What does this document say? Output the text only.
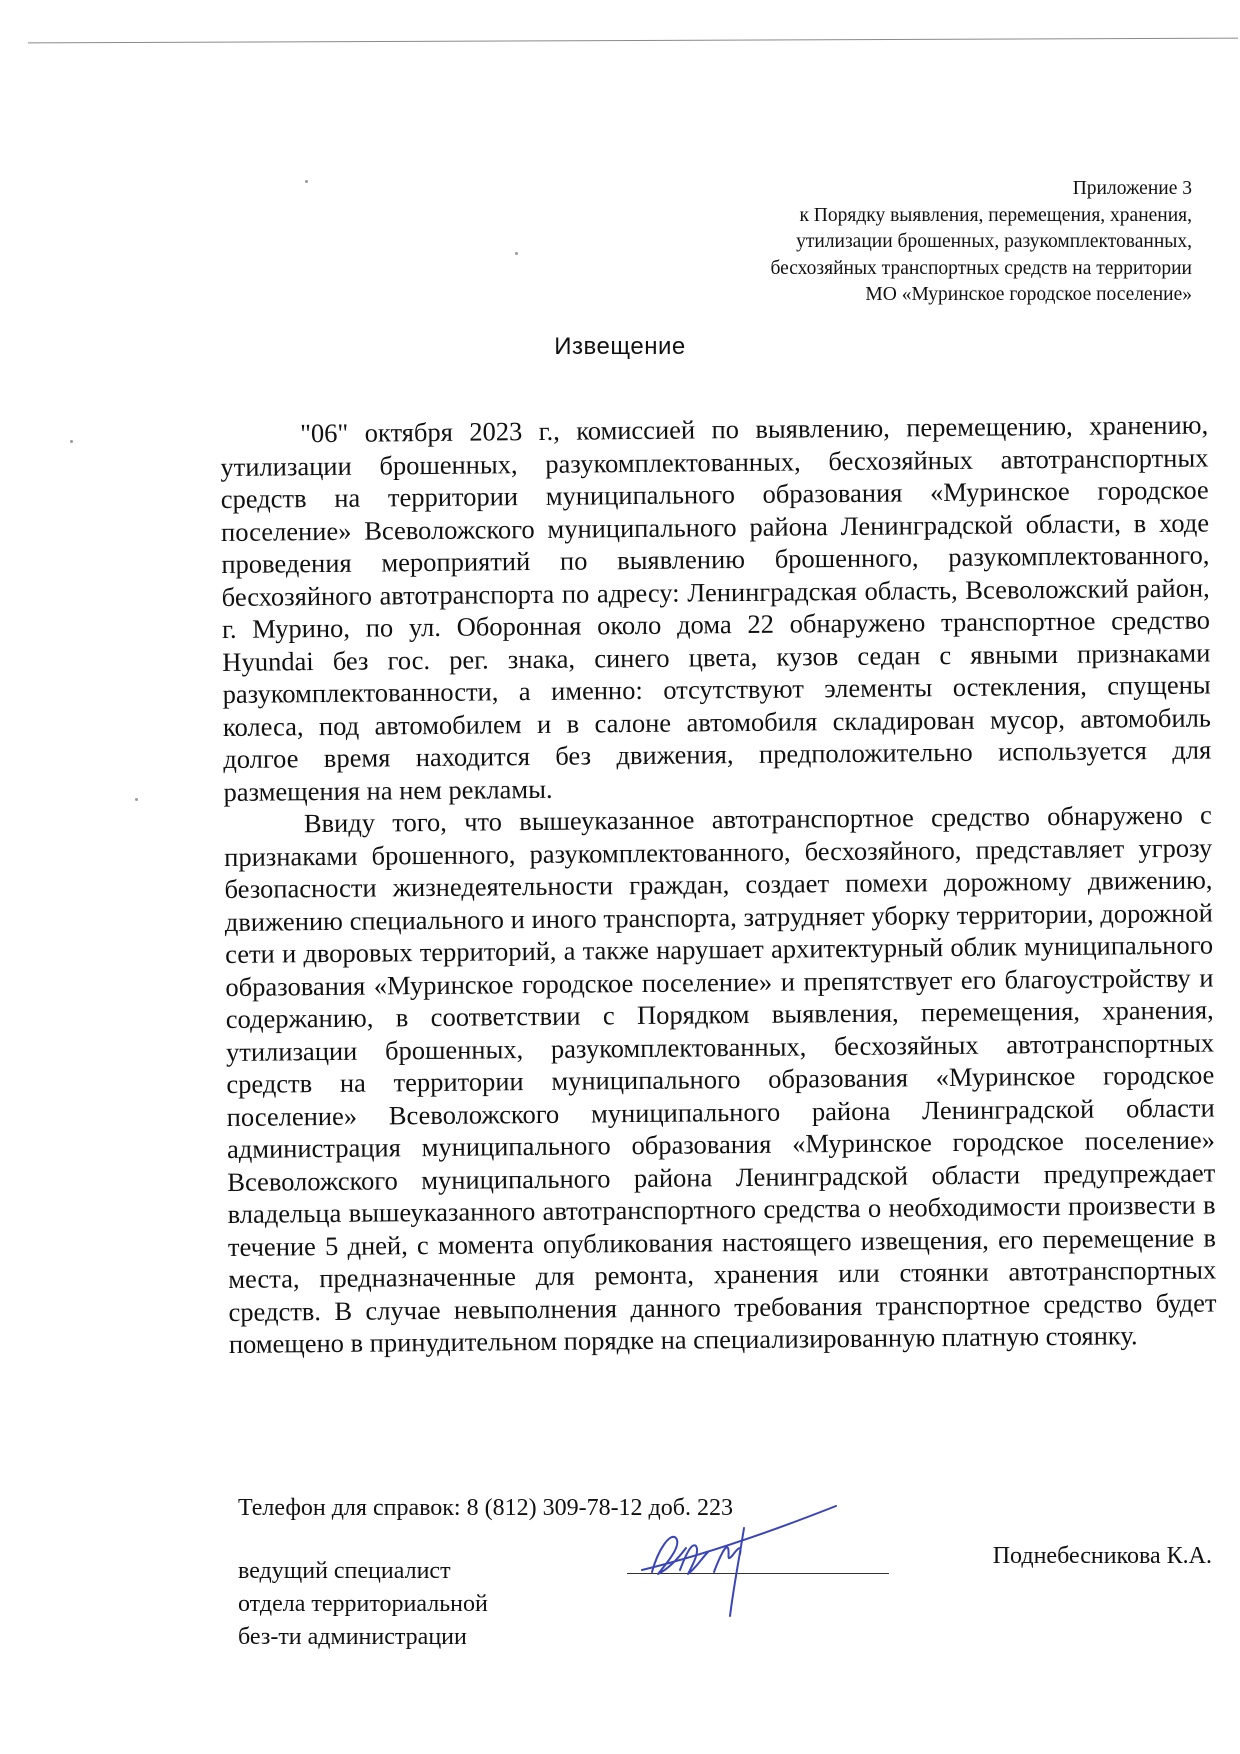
Приложение 3
к Порядку выявления, перемещения, хранения,
утилизации брошенных, разукомплектованных,
бесхозяйных транспортных средств на территории
МО «Муринское городское поселение»
Извещение

"06" октября 2023 г., комиссией по выявлению, перемещению, хранению, утилизации брошенных, разукомплектованных, бесхозяйных автотранспортных средств на территории муниципального образования «Муринское городское поселение» Всеволожского муниципального района Ленинградской области, в ходе проведения мероприятий по выявлению брошенного, разукомплектованного, бесхозяйного автотранспорта по адресу: Ленинградская область, Всеволожский район, г. Мурино, по ул. Оборонная около дома 22 обнаружено транспортное средство Hyundai без гос. рег. знака, синего цвета, кузов седан с явными признаками разукомплектованности, а именно: отсутствуют элементы остекления, спущены колеса, под автомобилем и в салоне автомобиля складирован мусор, автомобиль долгое время находится без движения, предположительно используется для размещения на нем рекламы.

Ввиду того, что вышеуказанное автотранспортное средство обнаружено с признаками брошенного, разукомплектованного, бесхозяйного, представляет угрозу безопасности жизнедеятельности граждан, создает помехи дорожному движению, движению специального и иного транспорта, затрудняет уборку территории, дорожной сети и дворовых территорий, а также нарушает архитектурный облик муниципального образования «Муринское городское поселение» и препятствует его благоустройству и содержанию, в соответствии с Порядком выявления, перемещения, хранения, утилизации брошенных, разукомплектованных, бесхозяйных автотранспортных средств на территории муниципального образования «Муринское городское поселение» Всеволожского муниципального района Ленинградской области администрация муниципального образования «Муринское городское поселение» Всеволожского муниципального района Ленинградской области предупреждает владельца вышеуказанного автотранспортного средства о необходимости произвести в течение 5 дней, с момента опубликования настоящего извещения, его перемещение в места, предназначенные для ремонта, хранения или стоянки автотранспортных средств. В случае невыполнения данного требования транспортное средство будет помещено в принудительном порядке на специализированную платную стоянку.

Телефон для справок: 8 (812) 309-78-12 доб. 223
ведущий специалист
отдела территориальной
без-ти администрации
Поднебесникова К.А.
